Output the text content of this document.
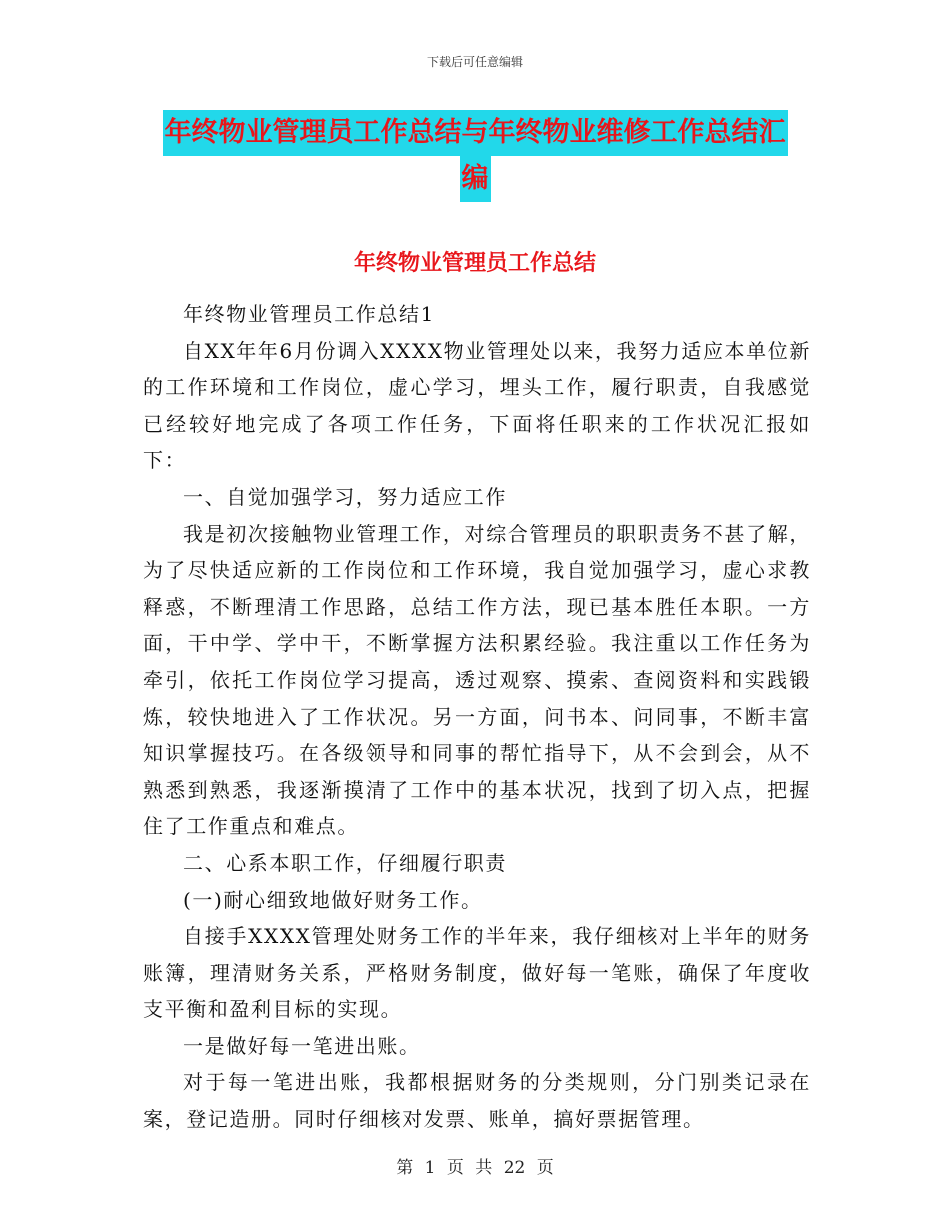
下载后可任意编辑
年终物业管理员工作总结与年终物业维修工作总结汇
编
年终物业管理员工作总结

年终物业管理员工作总结1

自XX年年6月份调入XXXX物业管理处以来，我努力适应本单位新的工作环境和工作岗位，虚心学习，埋头工作，履行职责，自我感觉已经较好地完成了各项工作任务，下面将任职来的工作状况汇报如下：

一、自觉加强学习，努力适应工作

我是初次接触物业管理工作，对综合管理员的职职责务不甚了解，为了尽快适应新的工作岗位和工作环境，我自觉加强学习，虚心求教释惑，不断理清工作思路，总结工作方法，现已基本胜任本职。一方面，干中学、学中干，不断掌握方法积累经验。我注重以工作任务为牵引，依托工作岗位学习提高，透过观察、摸索、查阅资料和实践锻炼，较快地进入了工作状况。另一方面，问书本、问同事，不断丰富知识掌握技巧。在各级领导和同事的帮忙指导下，从不会到会，从不熟悉到熟悉，我逐渐摸清了工作中的基本状况，找到了切入点，把握住了工作重点和难点。

二、心系本职工作，仔细履行职责

(一)耐心细致地做好财务工作。

自接手XXXX管理处财务工作的半年来，我仔细核对上半年的财务账簿，理清财务关系，严格财务制度，做好每一笔账，确保了年度收支平衡和盈利目标的实现。

一是做好每一笔进出账。

对于每一笔进出账，我都根据财务的分类规则，分门别类记录在案，登记造册。同时仔细核对发票、账单，搞好票据管理。

第 1 页 共 22 页
